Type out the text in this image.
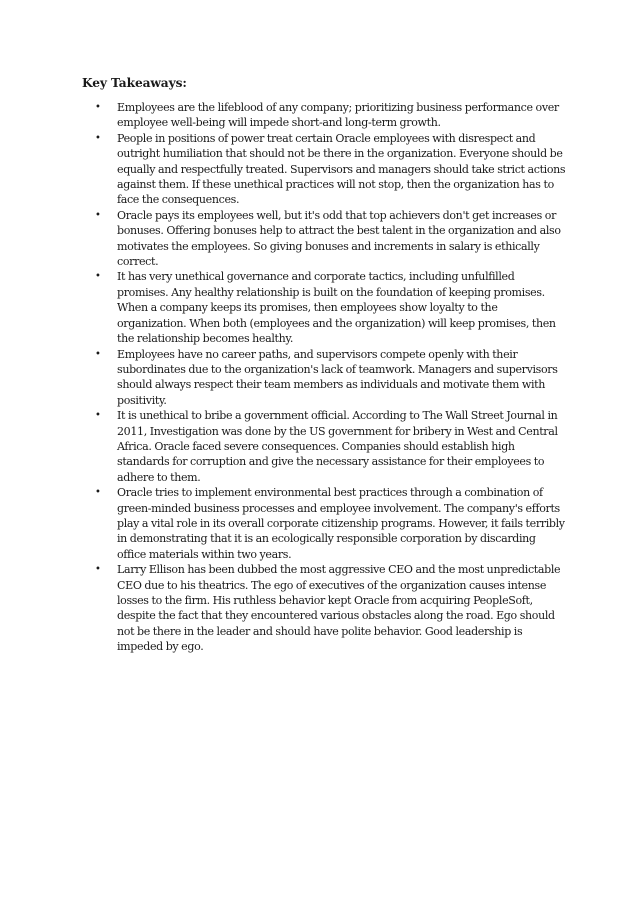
Key Takeaways:
• Employees are the lifeblood of any company; prioritizing business performance over employee well-being will impede short-and long-term growth.
• People in positions of power treat certain Oracle employees with disrespect and outright humiliation that should not be there in the organization. Everyone should be equally and respectfully treated. Supervisors and managers should take strict actions against them. If these unethical practices will not stop, then the organization has to face the consequences.
• Oracle pays its employees well, but it's odd that top achievers don't get increases or bonuses. Offering bonuses help to attract the best talent in the organization and also motivates the employees. So giving bonuses and increments in salary is ethically correct.
• It has very unethical governance and corporate tactics, including unfulfilled promises. Any healthy relationship is built on the foundation of keeping promises. When a company keeps its promises, then employees show loyalty to the organization. When both (employees and the organization) will keep promises, then the relationship becomes healthy.
• Employees have no career paths, and supervisors compete openly with their subordinates due to the organization's lack of teamwork. Managers and supervisors should always respect their team members as individuals and motivate them with positivity.
• It is unethical to bribe a government official. According to The Wall Street Journal in 2011, Investigation was done by the US government for bribery in West and Central Africa. Oracle faced severe consequences. Companies should establish high standards for corruption and give the necessary assistance for their employees to adhere to them.
• Oracle tries to implement environmental best practices through a combination of green-minded business processes and employee involvement. The company's efforts play a vital role in its overall corporate citizenship programs. However, it fails terribly in demonstrating that it is an ecologically responsible corporation by discarding office materials within two years.
• Larry Ellison has been dubbed the most aggressive CEO and the most unpredictable CEO due to his theatrics. The ego of executives of the organization causes intense losses to the firm. His ruthless behavior kept Oracle from acquiring PeopleSoft, despite the fact that they encountered various obstacles along the road. Ego should not be there in the leader and should have polite behavior. Good leadership is impeded by ego.
